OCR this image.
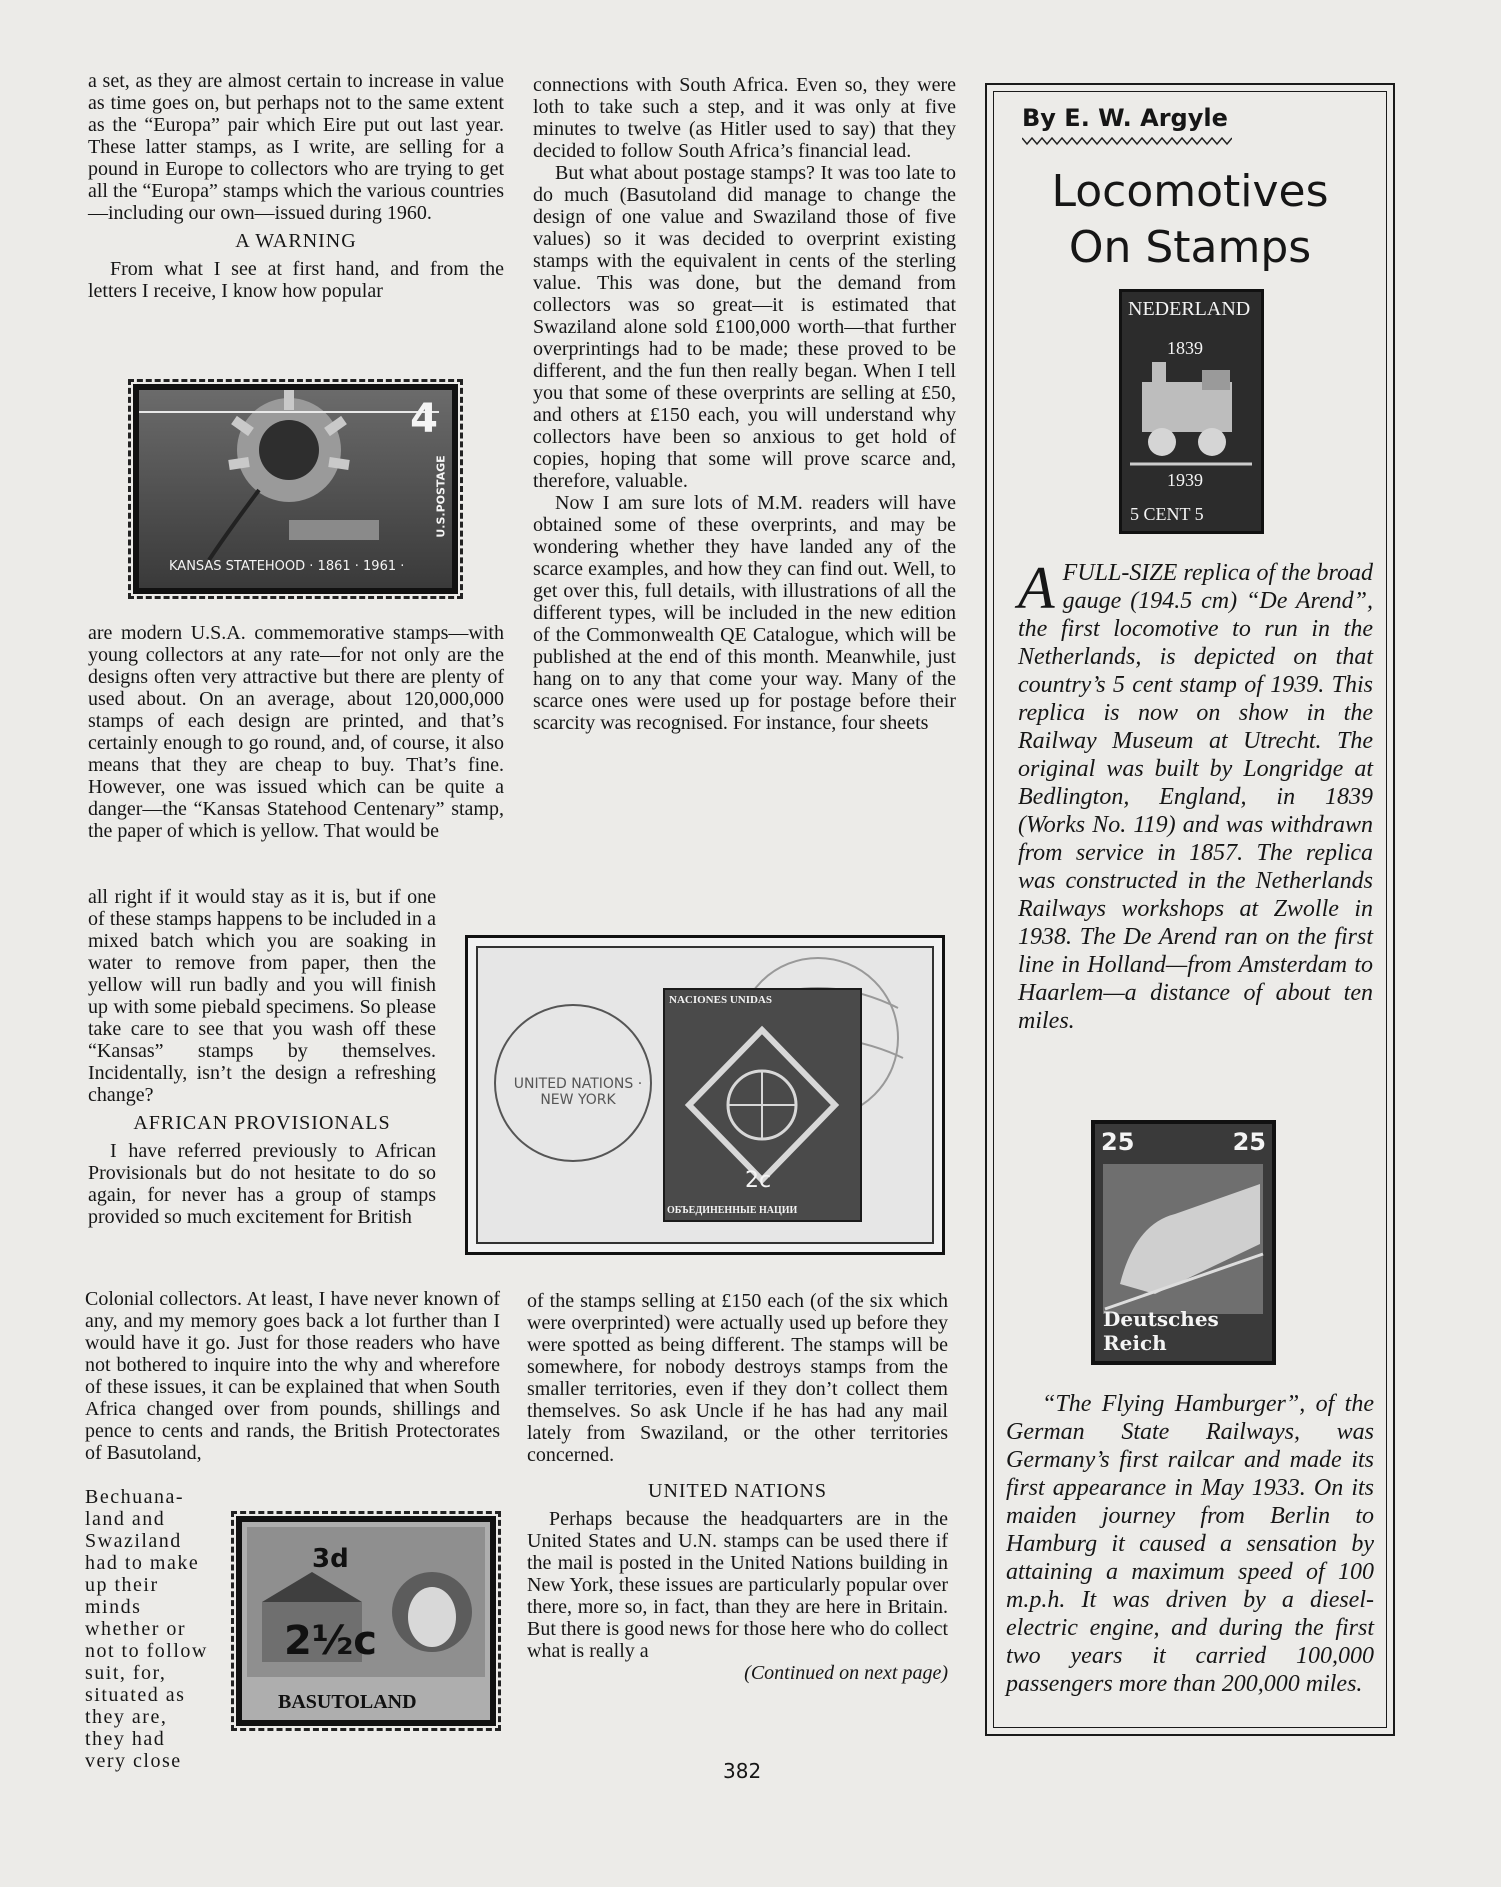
a set, as they are almost certain to increase in value as time goes on, but perhaps not to the same extent as the “Europa” pair which Eire put out last year. These latter stamps, as I write, are selling for a pound in Europe to collectors who are trying to get all the “Europa” stamps which the various countries—including our own—issued during 1960.

A WARNING

From what I see at first hand, and from the letters I receive, I know how popular

4
U.S.POSTAGE
KANSAS STATEHOOD · 1861 · 1961 ·

are modern U.S.A. commemorative stamps—with young collectors at any rate—for not only are the designs often very attractive but there are plenty of used about. On an average, about 120,000,000 stamps of each design are printed, and that’s certainly enough to go round, and, of course, it also means that they are cheap to buy. That’s fine. However, one was issued which can be quite a danger—the “Kansas Statehood Centenary” stamp, the paper of which is yellow. That would be

all right if it would stay as it is, but if one of these stamps happens to be included in a mixed batch which you are soaking in water to remove from paper, then the yellow will run badly and you will finish up with some piebald specimens. So please take care to see that you wash off these “Kansas” stamps by themselves. Incidentally, isn’t the design a refreshing change?

AFRICAN PROVISIONALS

I have referred previously to African Provisionals but do not hesitate to do so again, for never has a group of stamps provided so much excitement for British

Colonial collectors. At least, I have never known of any, and my memory goes back a lot further than I would have it go. Just for those readers who have not bothered to inquire into the why and wherefore of these issues, it can be explained that when South Africa changed over from pounds, shillings and pence to cents and rands, the British Protectorates of Basutoland,

Bechuana-land and Swaziland had to make up their minds whether or not to follow suit, for, situated as they are, they had very close

3d
2½c
BASUTOLAND

connections with South Africa. Even so, they were loth to take such a step, and it was only at five minutes to twelve (as Hitler used to say) that they decided to follow South Africa’s financial lead.

But what about postage stamps? It was too late to do much (Basutoland did manage to change the design of one value and Swaziland those of five values) so it was decided to overprint existing stamps with the equivalent in cents of the sterling value. This was done, but the demand from collectors was so great—it is estimated that Swaziland alone sold £100,000 worth—that further overprintings had to be made; these proved to be different, and the fun then really began. When I tell you that some of these overprints are selling at £50, and others at £150 each, you will understand why collectors have been so anxious to get hold of copies, hoping that some will prove scarce and, therefore, valuable.

Now I am sure lots of M.M. readers will have obtained some of these overprints, and may be wondering whether they have landed any of the scarce examples, and how they can find out. Well, to get over this, full details, with illustrations of all the different types, will be included in the new edition of the Commonwealth QE Catalogue, which will be published at the end of this month. Meanwhile, just hang on to any that come your way. Many of the scarce ones were used up for postage before their scarcity was recognised. For instance, four sheets

UNITED NATIONS · NEW YORK
NACIONES UNIDAS
2c
ОБЪЕДИНЕННЫЕ НАЦИИ

of the stamps selling at £150 each (of the six which were overprinted) were actually used up before they were spotted as being different. The stamps will be somewhere, for nobody destroys stamps from the smaller territories, even if they don’t collect them themselves. So ask Uncle if he has had any mail lately from Swaziland, or the other territories concerned.

UNITED NATIONS

Perhaps because the headquarters are in the United States and U.N. stamps can be used there if the mail is posted in the United Nations building in New York, these issues are particularly popular over there, more so, in fact, than they are here in Britain. But there is good news for those here who do collect what is really a

(Continued on next page)

By E. W. Argyle
Locomotives
On Stamps
NEDERLAND
1839
1939
5 CENT 5
A FULL-SIZE replica of the broad gauge (194.5 cm) “De Arend”, the first locomotive to run in the Netherlands, is depicted on that country’s 5 cent stamp of 1939. This replica is now on show in the Railway Museum at Utrecht. The original was built by Longridge at Bedlington, England, in 1839 (Works No. 119) and was withdrawn from service in 1857. The replica was constructed in the Netherlands Railways workshops at Zwolle in 1938. The De Arend ran on the first line in Holland—from Amsterdam to Haarlem—a distance of about ten miles.
25	25
Deutsches Reich
“The Flying Hamburger”, of the German State Railways, was Germany’s first railcar and made its first appearance in May 1933. On its maiden journey from Berlin to Hamburg it caused a sensation by attaining a maximum speed of 100 m.p.h. It was driven by a diesel-electric engine, and during the first two years it carried 100,000 passengers more than 200,000 miles.
382
